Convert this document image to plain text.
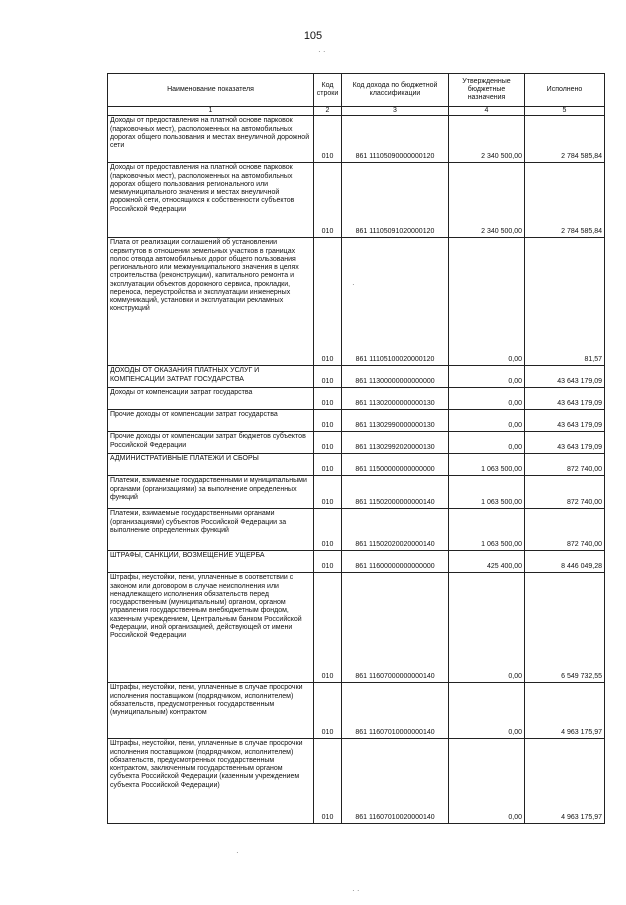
105
Наименование показателя	Код строки	Код дохода по бюджетной классификации	Утвержденные бюджетные назначения	Исполнено
1	2	3	4	5
Доходы от предоставления на платной основе парковок (парковочных мест), расположенных на автомобильных дорогах общего пользования и местах внеуличной дорожной сети	010	861 11105090000000120	2 340 500,00	2 784 585,84
Доходы от предоставления на платной основе парковок (парковочных мест), расположенных на автомобильных дорогах общего пользования регионального или межмуниципального значения и местах внеуличной дорожной сети, относящихся к собственности субъектов Российской Федерации	010	861 11105091020000120	2 340 500,00	2 784 585,84
Плата от реализации соглашений об установлении сервитутов в отношении земельных участков в границах полос отвода автомобильных дорог общего пользования регионального или межмуниципального значения в целях строительства (реконструкции), капитального ремонта и эксплуатации объектов дорожного сервиса, прокладки, переноса, переустройства и эксплуатации инженерных коммуникаций, установки и эксплуатации рекламных конструкций	010	861 11105100020000120	0,00	81,57
ДОХОДЫ ОТ ОКАЗАНИЯ ПЛАТНЫХ УСЛУГ И КОМПЕНСАЦИИ ЗАТРАТ ГОСУДАРСТВА	010	861 11300000000000000	0,00	43 643 179,09
Доходы от компенсации затрат государства	010	861 11302000000000130	0,00	43 643 179,09
Прочие доходы от компенсации затрат государства	010	861 11302990000000130	0,00	43 643 179,09
Прочие доходы от компенсации затрат бюджетов субъектов Российской Федерации	010	861 11302992020000130	0,00	43 643 179,09
АДМИНИСТРАТИВНЫЕ ПЛАТЕЖИ И СБОРЫ	010	861 11500000000000000	1 063 500,00	872 740,00
Платежи, взимаемые государственными и муниципальными органами (организациями) за выполнение определенных функций	010	861 11502000000000140	1 063 500,00	872 740,00
Платежи, взимаемые государственными органами (организациями) субъектов Российской Федерации за выполнение определенных функций	010	861 11502020020000140	1 063 500,00	872 740,00
ШТРАФЫ, САНКЦИИ, ВОЗМЕЩЕНИЕ УЩЕРБА	010	861 11600000000000000	425 400,00	8 446 049,28
Штрафы, неустойки, пени, уплаченные в соответствии с законом или договором в случае неисполнения или ненадлежащего исполнения обязательств перед государственным (муниципальным) органом, органом управления государственным внебюджетным фондом, казенным учреждением, Центральным банком Российской Федерации, иной организацией, действующей от имени Российской Федерации	010	861 11607000000000140	0,00	6 549 732,55
Штрафы, неустойки, пени, уплаченные в случае просрочки исполнения поставщиком (подрядчиком, исполнителем) обязательств, предусмотренных государственным (муниципальным) контрактом	010	861 11607010000000140	0,00	4 963 175,97
Штрафы, неустойки, пени, уплаченные в случае просрочки исполнения поставщиком (подрядчиком, исполнителем) обязательств, предусмотренных государственным контрактом, заключенным государственным органом субъекта Российской Федерации (казенным учреждением субъекта Российской Федерации)	010	861 11607010020000140	0,00	4 963 175,97
· ·
·
·
· ·
